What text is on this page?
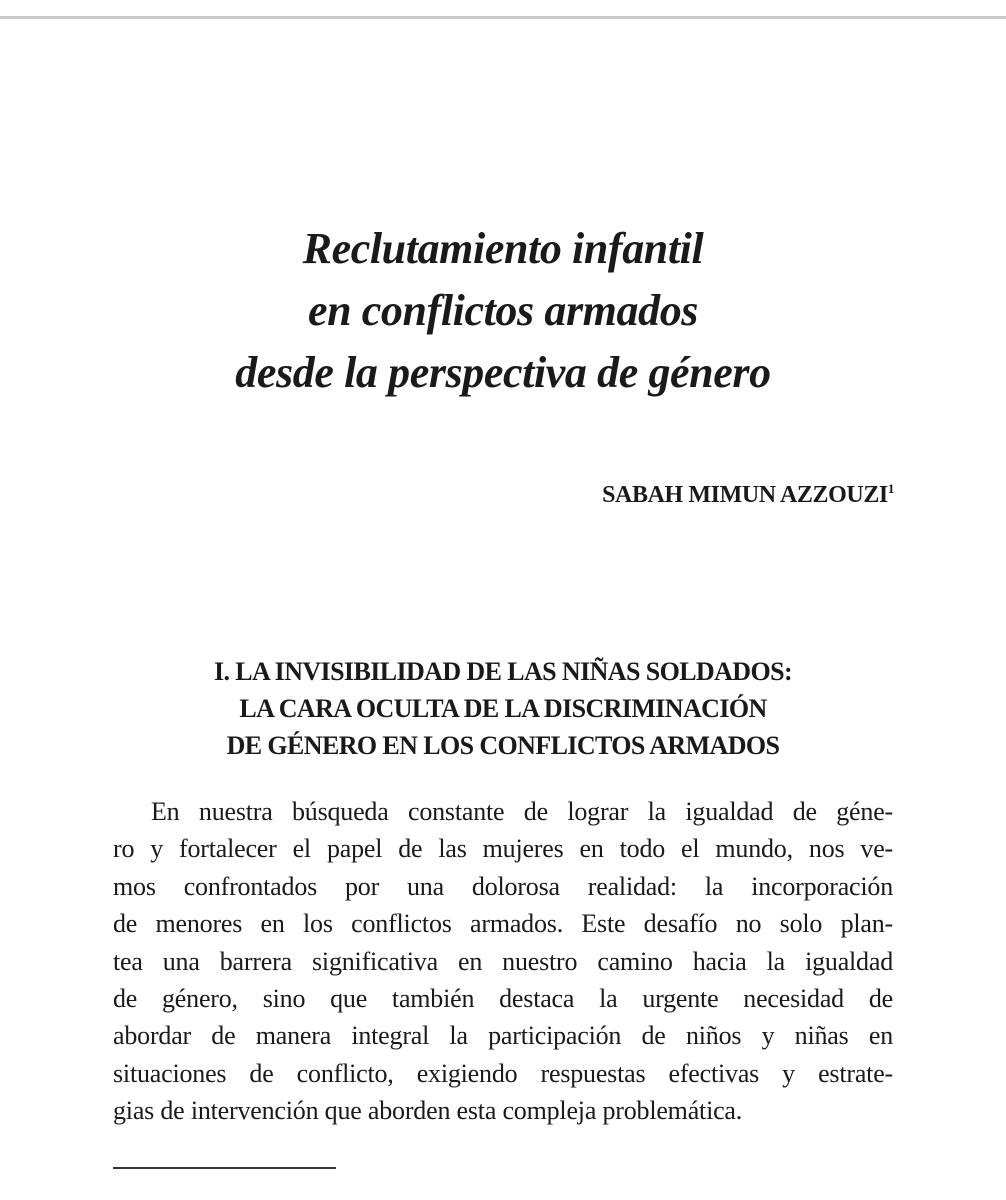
Reclutamiento infantil
en conflictos armados
desde la perspectiva de género
SABAH MIMUN AZZOUZI$^1$
I. LA INVISIBILIDAD DE LAS NIÑAS SOLDADOS:
LA CARA OCULTA DE LA DISCRIMINACIÓN
DE GÉNERO EN LOS CONFLICTOS ARMADOS
En nuestra búsqueda constante de lograr la igualdad de géne-
ro y fortalecer el papel de las mujeres en todo el mundo, nos ve-
mos confrontados por una dolorosa realidad: la incorporación
de menores en los conflictos armados. Este desafío no solo plan-
tea una barrera significativa en nuestro camino hacia la igualdad
de género, sino que también destaca la urgente necesidad de
abordar de manera integral la participación de niños y niñas en
situaciones de conflicto, exigiendo respuestas efectivas y estrate-
gias de intervención que aborden esta compleja problemática.
